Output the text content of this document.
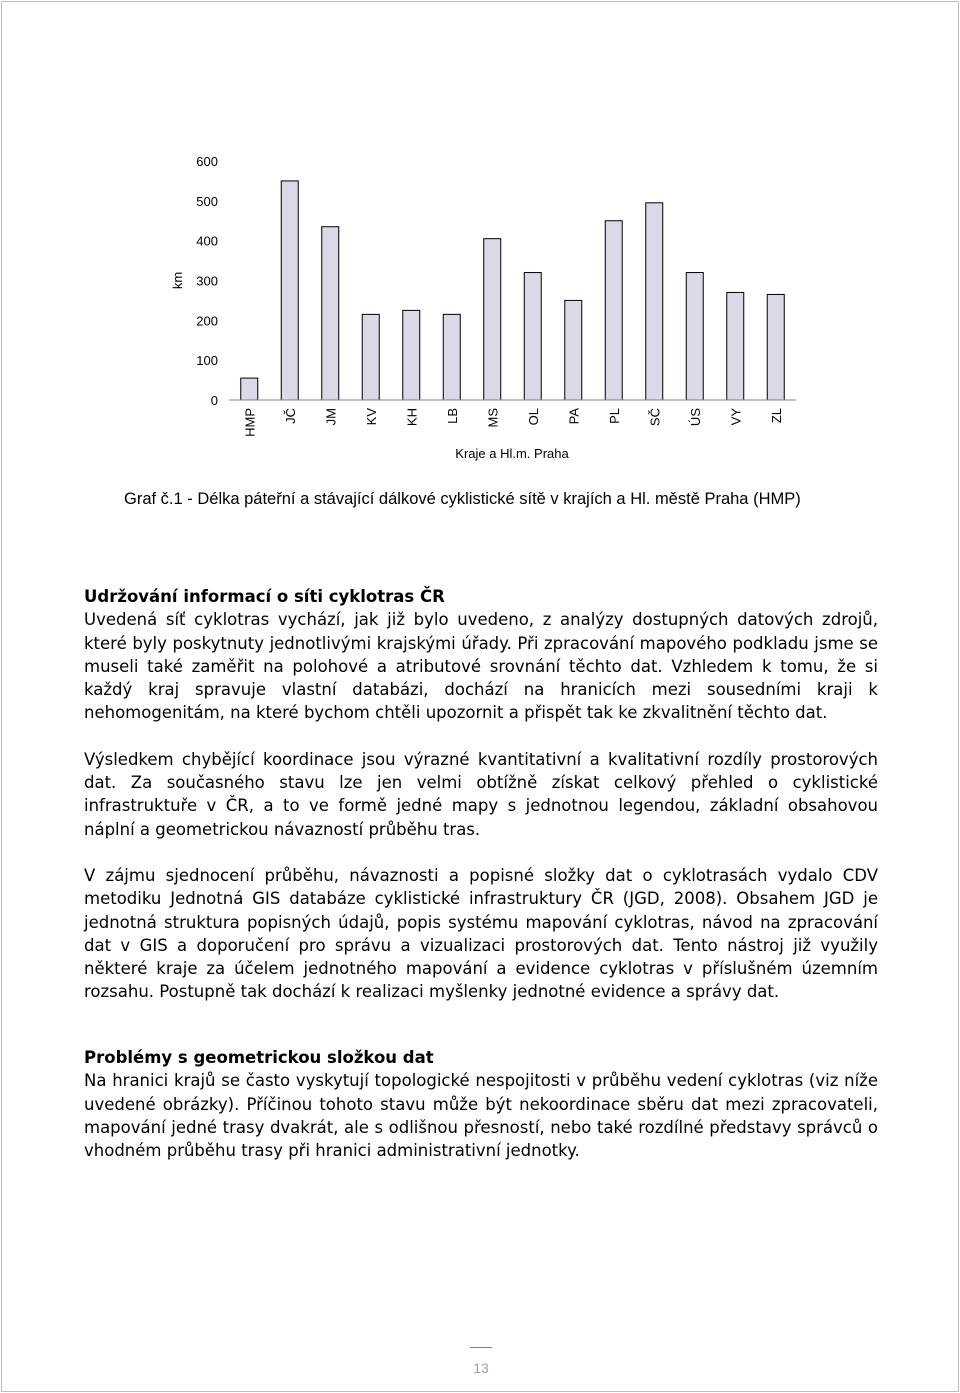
km
0
100
200
300
400
500
600
HMP JČ JM KV KH LB MS OL PA PL SČ ÚS VY ZL
Kraje a Hl.m. Praha
Graf č.1 - Délka páteřní a stávající dálkové cyklistické sítě v krajích a Hl. městě Praha (HMP)

Udržování informací o síti cyklotras ČR

Uvedená síť cyklotras vychází, jak již bylo uvedeno, z analýzy dostupných datových zdrojů, které byly poskytnuty jednotlivými krajskými úřady. Při zpracování mapového podkladu jsme se museli také zaměřit na polohové a atributové srovnání těchto dat. Vzhledem k tomu, že si každý kraj spravuje vlastní databázi, dochází na hranicích mezi sousedními kraji k nehomogenitám, na které bychom chtěli upozornit a přispět tak ke zkvalitnění těchto dat.

Výsledkem chybějící koordinace jsou výrazné kvantitativní a kvalitativní rozdíly prostorových dat. Za současného stavu lze jen velmi obtížně získat celkový přehled o cyklistické infrastruktuře v ČR, a to ve formě jedné mapy s jednotnou legendou, základní obsahovou náplní a geometrickou návazností průběhu tras.

V zájmu sjednocení průběhu, návaznosti a popisné složky dat o cyklotrasách vydalo CDV metodiku Jednotná GIS databáze cyklistické infrastruktury ČR (JGD, 2008). Obsahem JGD je jednotná struktura popisných údajů, popis systému mapování cyklotras, návod na zpracování dat v GIS a doporučení pro správu a vizualizaci prostorových dat. Tento nástroj již využily některé kraje za účelem jednotného mapování a evidence cyklotras v příslušném územním rozsahu. Postupně tak dochází k realizaci myšlenky jednotné evidence a správy dat.

Problémy s geometrickou složkou dat

Na hranici krajů se často vyskytují topologické nespojitosti v průběhu vedení cyklotras (viz níže uvedené obrázky). Příčinou tohoto stavu může být nekoordinace sběru dat mezi zpracovateli, mapování jedné trasy dvakrát, ale s odlišnou přesností, nebo také rozdílné představy správců o vhodném průběhu trasy při hranici administrativní jednotky.

13
